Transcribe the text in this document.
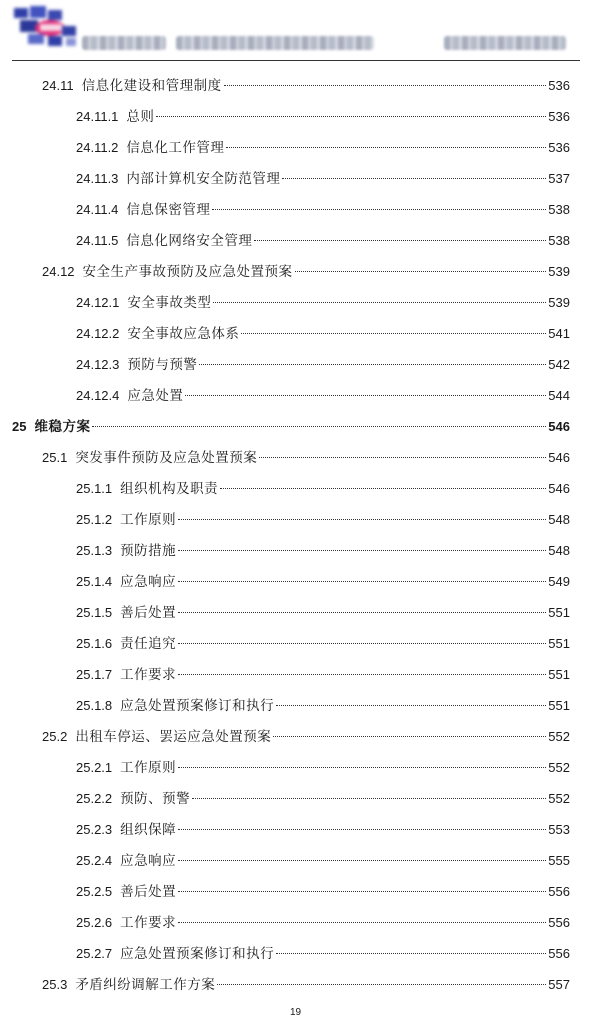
24.11 信息化建设和管理制度	536
24.11.1 总则	536
24.11.2 信息化工作管理	536
24.11.3 内部计算机安全防范管理	537
24.11.4 信息保密管理	538
24.11.5 信息化网络安全管理	538
24.12 安全生产事故预防及应急处置预案	539
24.12.1 安全事故类型	539
24.12.2 安全事故应急体系	541
24.12.3 预防与预警	542
24.12.4 应急处置	544
25 维稳方案	546
25.1 突发事件预防及应急处置预案	546
25.1.1 组织机构及职责	546
25.1.2 工作原则	548
25.1.3 预防措施	548
25.1.4 应急响应	549
25.1.5 善后处置	551
25.1.6 责任追究	551
25.1.7 工作要求	551
25.1.8 应急处置预案修订和执行	551
25.2 出租车停运、罢运应急处置预案	552
25.2.1 工作原则	552
25.2.2 预防、预警	552
25.2.3 组织保障	553
25.2.4 应急响应	555
25.2.5 善后处置	556
25.2.6 工作要求	556
25.2.7 应急处置预案修订和执行	556
25.3 矛盾纠纷调解工作方案	557
19
